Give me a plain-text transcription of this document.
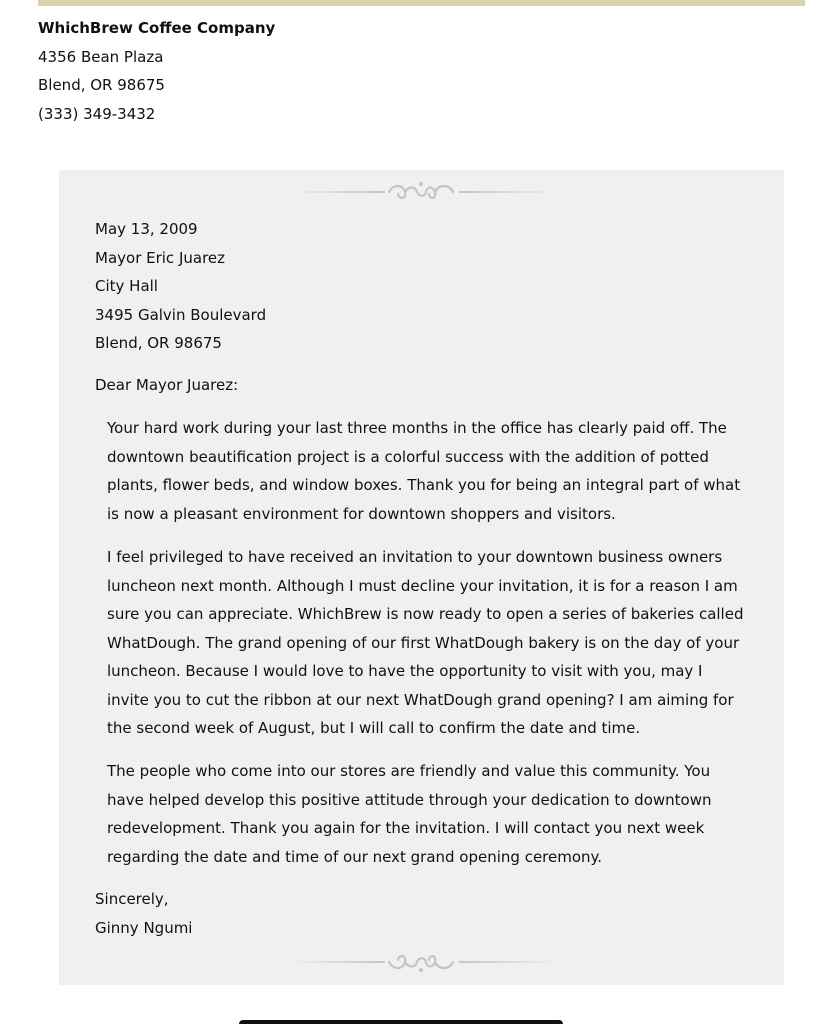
WhichBrew Coffee Company
4356 Bean Plaza
Blend, OR 98675
(333) 349-3432
May 13, 2009
Mayor Eric Juarez
City Hall
3495 Galvin Boulevard
Blend, OR 98675
Dear Mayor Juarez:
Your hard work during your last three months in the office has clearly paid off. The downtown beautification project is a colorful success with the addition of potted plants, flower beds, and window boxes. Thank you for being an integral part of what is now a pleasant environment for downtown shoppers and visitors.
I feel privileged to have received an invitation to your downtown business owners luncheon next month. Although I must decline your invitation, it is for a reason I am sure you can appreciate. WhichBrew is now ready to open a series of bakeries called WhatDough. The grand opening of our first WhatDough bakery is on the day of your luncheon. Because I would love to have the opportunity to visit with you, may I invite you to cut the ribbon at our next WhatDough grand opening? I am aiming for the second week of August, but I will call to confirm the date and time.
The people who come into our stores are friendly and value this community. You have helped develop this positive attitude through your dedication to downtown redevelopment. Thank you again for the invitation. I will contact you next week regarding the date and time of our next grand opening ceremony.
Sincerely,
Ginny Ngumi
